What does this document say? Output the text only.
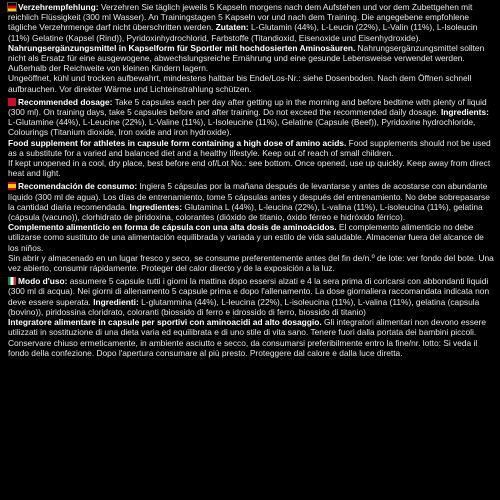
Verzehrempfehlung: Verzehren Sie täglich jeweils 5 Kapseln morgens nach dem Aufstehen und vor dem Zubettgehen mit reichlich Flüssigkeit (300 ml Wasser). An Trainingstagen 5 Kapseln vor und nach dem Training. Die angegebene empfohlene tägliche Verzehrmenge darf nicht überschritten werden. Zutaten: L-Glutamin (44%), L-Leucin (22%), L-Valin (11%), L-Isoleucin (11%) Gelatine (Kapsel (Rind)), Pyridoxinhydrochlorid, Farbstoffe (Titandioxid, Eisenoxide und Eisenhydroxide).

Nahrungsergänzungsmittel in Kapselform für Sportler mit hochdosierten Aminosäuren. Nahrungsergänzungsmittel sollten nicht als Ersatz für eine ausgewogene, abwechslungsreiche Ernährung und eine gesunde Lebensweise verwendet werden. Außerhalb der Reichweite von kleinen Kindern lagern.

Ungeöffnet, kühl und trocken aufbewahrt, mindestens haltbar bis Ende/Los-Nr.: siehe Dosenboden. Nach dem Öffnen schnell aufbrauchen. Vor direkter Wärme und Lichteinstrahlung schützen.

Recommended dosage: Take 5 capsules each per day after getting up in the morning and before bedtime with plenty of liquid (300 ml). On training days, take 5 capsules before and after training. Do not exceed the recommended daily dosage. Ingredients: L-Glutamine (44%), L-Leucine (22%), L-Valine (11%), L-Isoleucine (11%), Gelatine (Capsule (Beef)), Pyridoxine hydrochloride, Colourings (Titanium dioxide, Iron oxide and iron hydroxide).

Food supplement for athletes in capsule form containing a high dose of amino acids. Food supplements should not be used as a substitute for a varied and balanced diet and a healthy lifestyle. Keep out of reach of small children.

If kept unopened in a cool, dry place, best before end of/Lot No.: see bottom. Once opened, use up quickly. Keep away from direct heat and light.

Recomendación de consumo: Ingiera 5 cápsulas por la mañana después de levantarse y antes de acostarse con abundante líquido (300 ml de agua). Los días de entrenamiento, tome 5 cápsulas antes y después del entrenamiento. No debe sobrepasarse la cantidad diaria recomendada. Ingredientes: Glutamina L (44%), L-leucina (22%), L-valina (11%), L-isoleucina (11%), gelatina (cápsula (vacuno)), clorhidrato de piridoxina, colorantes (dióxido de titanio, óxido férreo e hidróxido férrico).

Complemento alimenticio en forma de cápsula con una alta dosis de aminoácidos. El complemento alimenticio no debe utilizarse como sustituto de una alimentación equilibrada y variada y un estilo de vida saludable. Almacenar fuera del alcance de los niños.

Sin abrir y almacenado en un lugar fresco y seco, se consume preferentemente antes del fin de/n.º de lote: ver fondo del bote. Una vez abierto, consumir rápidamente. Proteger del calor directo y de la exposición a la luz.

Modo d'uso: assumere 5 capsule tutti i giorni la mattina dopo essersi alzati e 4 la sera prima di coricarsi con abbondanti liquidi (300 ml di acqua). Nei giorni di allenamento 5 capsule prima e dopo l'allenamento. La dose giornaliera raccomandata indicata non deve essere superata. Ingredienti: L-glutammina (44%), L-leucina (22%), L-isoleucina (11%), L-valina (11%), gelatina (capsula (bovino)), piridossina cloridrato, coloranti (biossido di ferro e idrossido di ferro, biossido di titanio)

Integratore alimentare in capsule per sportivi con aminoacidi ad alto dosaggio. Gli integratori alimentari non devono essere utilizzati in sostituzione di una dieta varia ed equilibrata e di uno stile di vita sano. Tenere fuori dalla portata dei bambini piccoli.

Conservare chiuso ermeticamente, in ambiente asciutto e secco, da consumarsi preferibilmente entro la fine/nr. lotto: Si veda il fondo della confezione. Dopo l'apertura consumare al più presto. Proteggere dal calore e dalla luce diretta.
